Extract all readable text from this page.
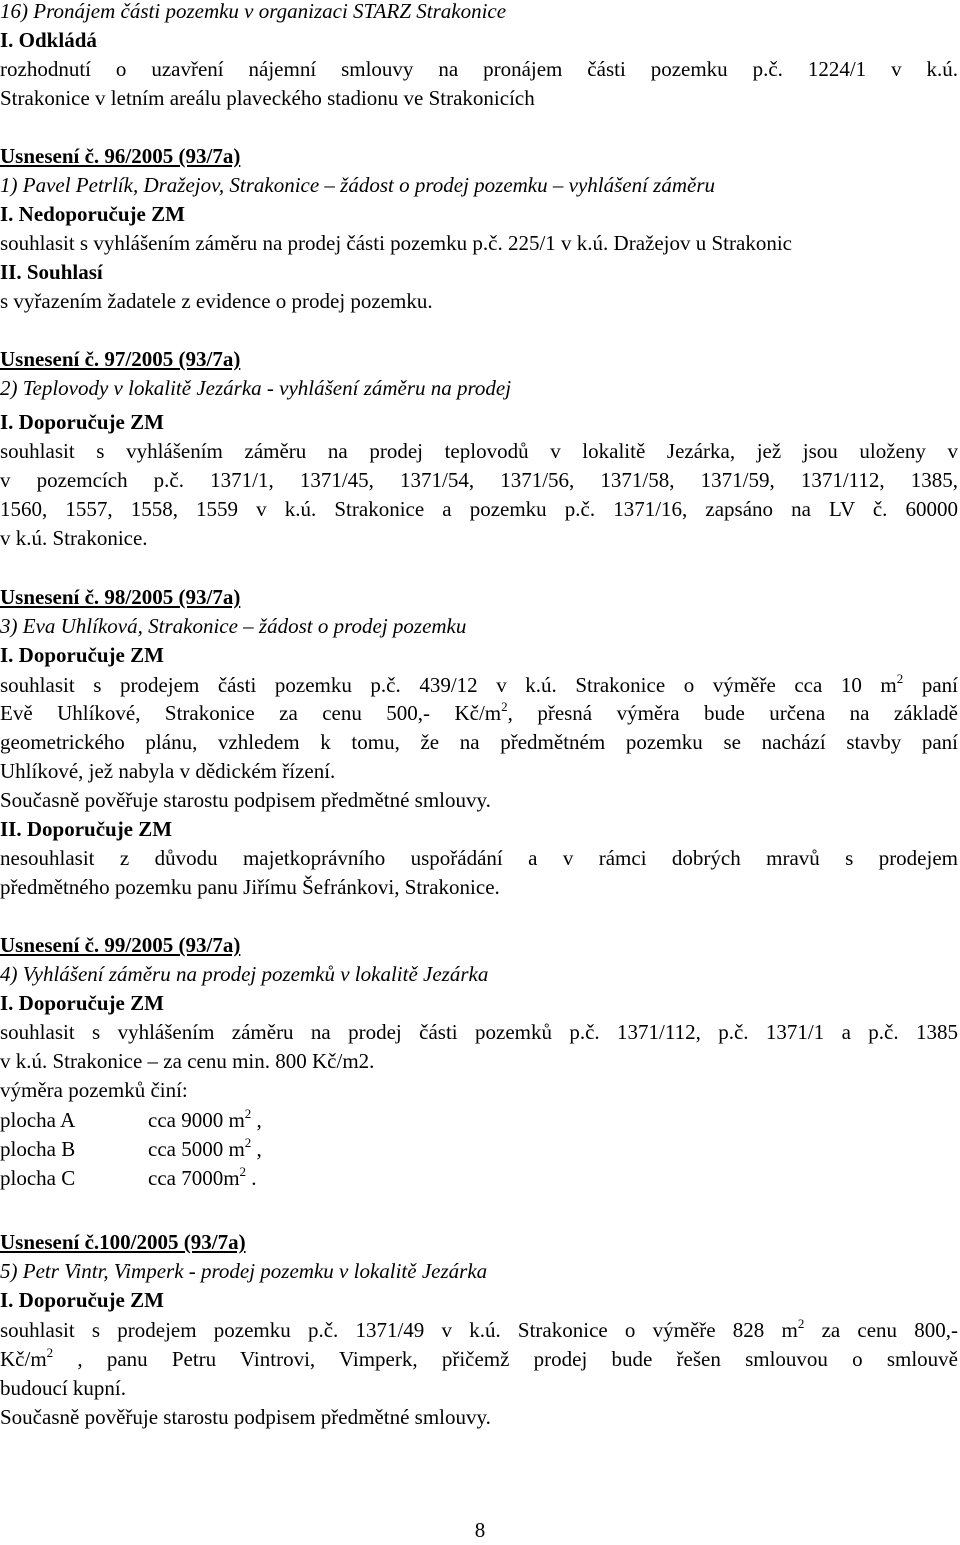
16) Pronájem části pozemku v organizaci STARZ Strakonice
I. Odkládá
rozhodnutí o uzavření nájemní smlouvy na pronájem části pozemku p.č. 1224/1 v k.ú.
Strakonice v letním areálu plaveckého stadionu ve Strakonicích
Usnesení č. 96/2005 (93/7a)
1) Pavel Petrlík, Dražejov, Strakonice – žádost o prodej pozemku – vyhlášení záměru
I. Nedoporučuje ZM
souhlasit s vyhlášením záměru na prodej části pozemku p.č. 225/1 v k.ú. Dražejov u Strakonic
II. Souhlasí
s vyřazením žadatele z evidence o prodej pozemku.
Usnesení č. 97/2005 (93/7a)
2) Teplovody v lokalitě Jezárka - vyhlášení záměru na prodej
I. Doporučuje ZM
souhlasit s vyhlášením záměru na prodej teplovodů v lokalitě Jezárka, jež jsou uloženy v
v pozemcích p.č. 1371/1, 1371/45, 1371/54, 1371/56, 1371/58, 1371/59, 1371/112, 1385,
1560, 1557, 1558, 1559 v k.ú. Strakonice a pozemku p.č. 1371/16, zapsáno na LV č. 60000
v k.ú. Strakonice.
Usnesení č. 98/2005 (93/7a)
3) Eva Uhlíková, Strakonice – žádost o prodej pozemku
I. Doporučuje ZM
souhlasit s prodejem části pozemku p.č. 439/12 v k.ú. Strakonice o výměře cca 10 $m^2$ paní
Evě Uhlíkové, Strakonice za cenu 500,- $Kč/m^2$, přesná výměra bude určena na základě
geometrického plánu, vzhledem k tomu, že na předmětném pozemku se nachází stavby paní
Uhlíkové, jež nabyla v dědickém řízení.
Současně pověřuje starostu podpisem předmětné smlouvy.
II. Doporučuje ZM
nesouhlasit z důvodu majetkoprávního uspořádání a v rámci dobrých mravů s prodejem
předmětného pozemku panu Jiřímu Šefránkovi, Strakonice.
Usnesení č. 99/2005 (93/7a)
4) Vyhlášení záměru na prodej pozemků v lokalitě Jezárka
I. Doporučuje ZM
souhlasit s vyhlášením záměru na prodej části pozemků p.č. 1371/112, p.č. 1371/1 a p.č. 1385
v k.ú. Strakonice – za cenu min. 800 Kč/m2.
výměra pozemků činí:
plocha A	cca 9000 $m^2$ ,
plocha B	cca 5000 $m^2$ ,
plocha C	cca $7000m^2$ .
Usnesení č.100/2005 (93/7a)
5) Petr Vintr, Vimperk - prodej pozemku v lokalitě Jezárka
I. Doporučuje ZM
souhlasit s prodejem pozemku p.č. 1371/49 v k.ú. Strakonice o výměře 828 $m^2$ za cenu 800,-
$Kč/m^2$ , panu Petru Vintrovi, Vimperk, přičemž prodej bude řešen smlouvou o smlouvě
budoucí kupní.
Současně pověřuje starostu podpisem předmětné smlouvy.
8
